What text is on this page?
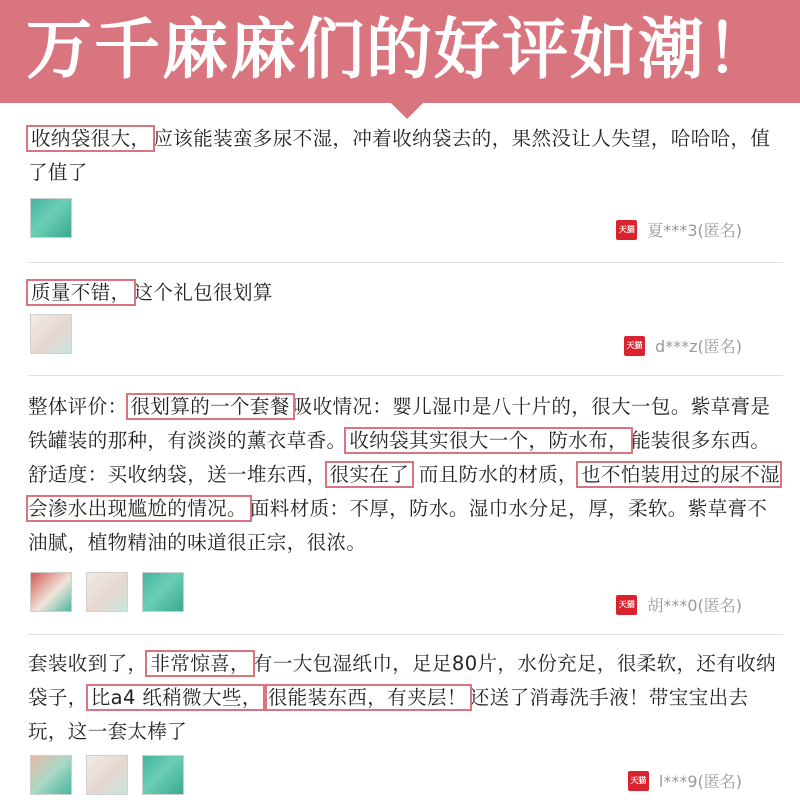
万千麻麻们的好评如潮！
收纳袋很大， 应该能装蛮多尿不湿，冲着收纳袋去的，果然没让人失望，哈哈哈，值了值了
天猫 夏***3(匿名)
质量不错， 这个礼包很划算
天猫 d***z(匿名)
整体评价： 很划算的一个套餐 吸收情况：婴儿湿巾是八十片的，很大一包。紫草膏是铁罐装的那种，有淡淡的薰衣草香。 收纳袋其实很大一个，防水布， 能装很多东西。舒适度：买收纳袋，送一堆东西， 很实在了 而且防水的材质， 也不怕装用过的尿不湿会渗水出现尴尬的情况。 面料材质：不厚，防水。湿巾水分足，厚，柔软。紫草膏不油腻，植物精油的味道很正宗，很浓。
天猫 胡***0(匿名)
套装收到了， 非常惊喜， 有一大包湿纸巾，足足80片，水份充足，很柔软，还有收纳袋子， 比a4 纸稍微大些， 很能装东西，有夹层！ 还送了消毒洗手液！带宝宝出去玩，这一套太棒了
天猫 l***9(匿名)
